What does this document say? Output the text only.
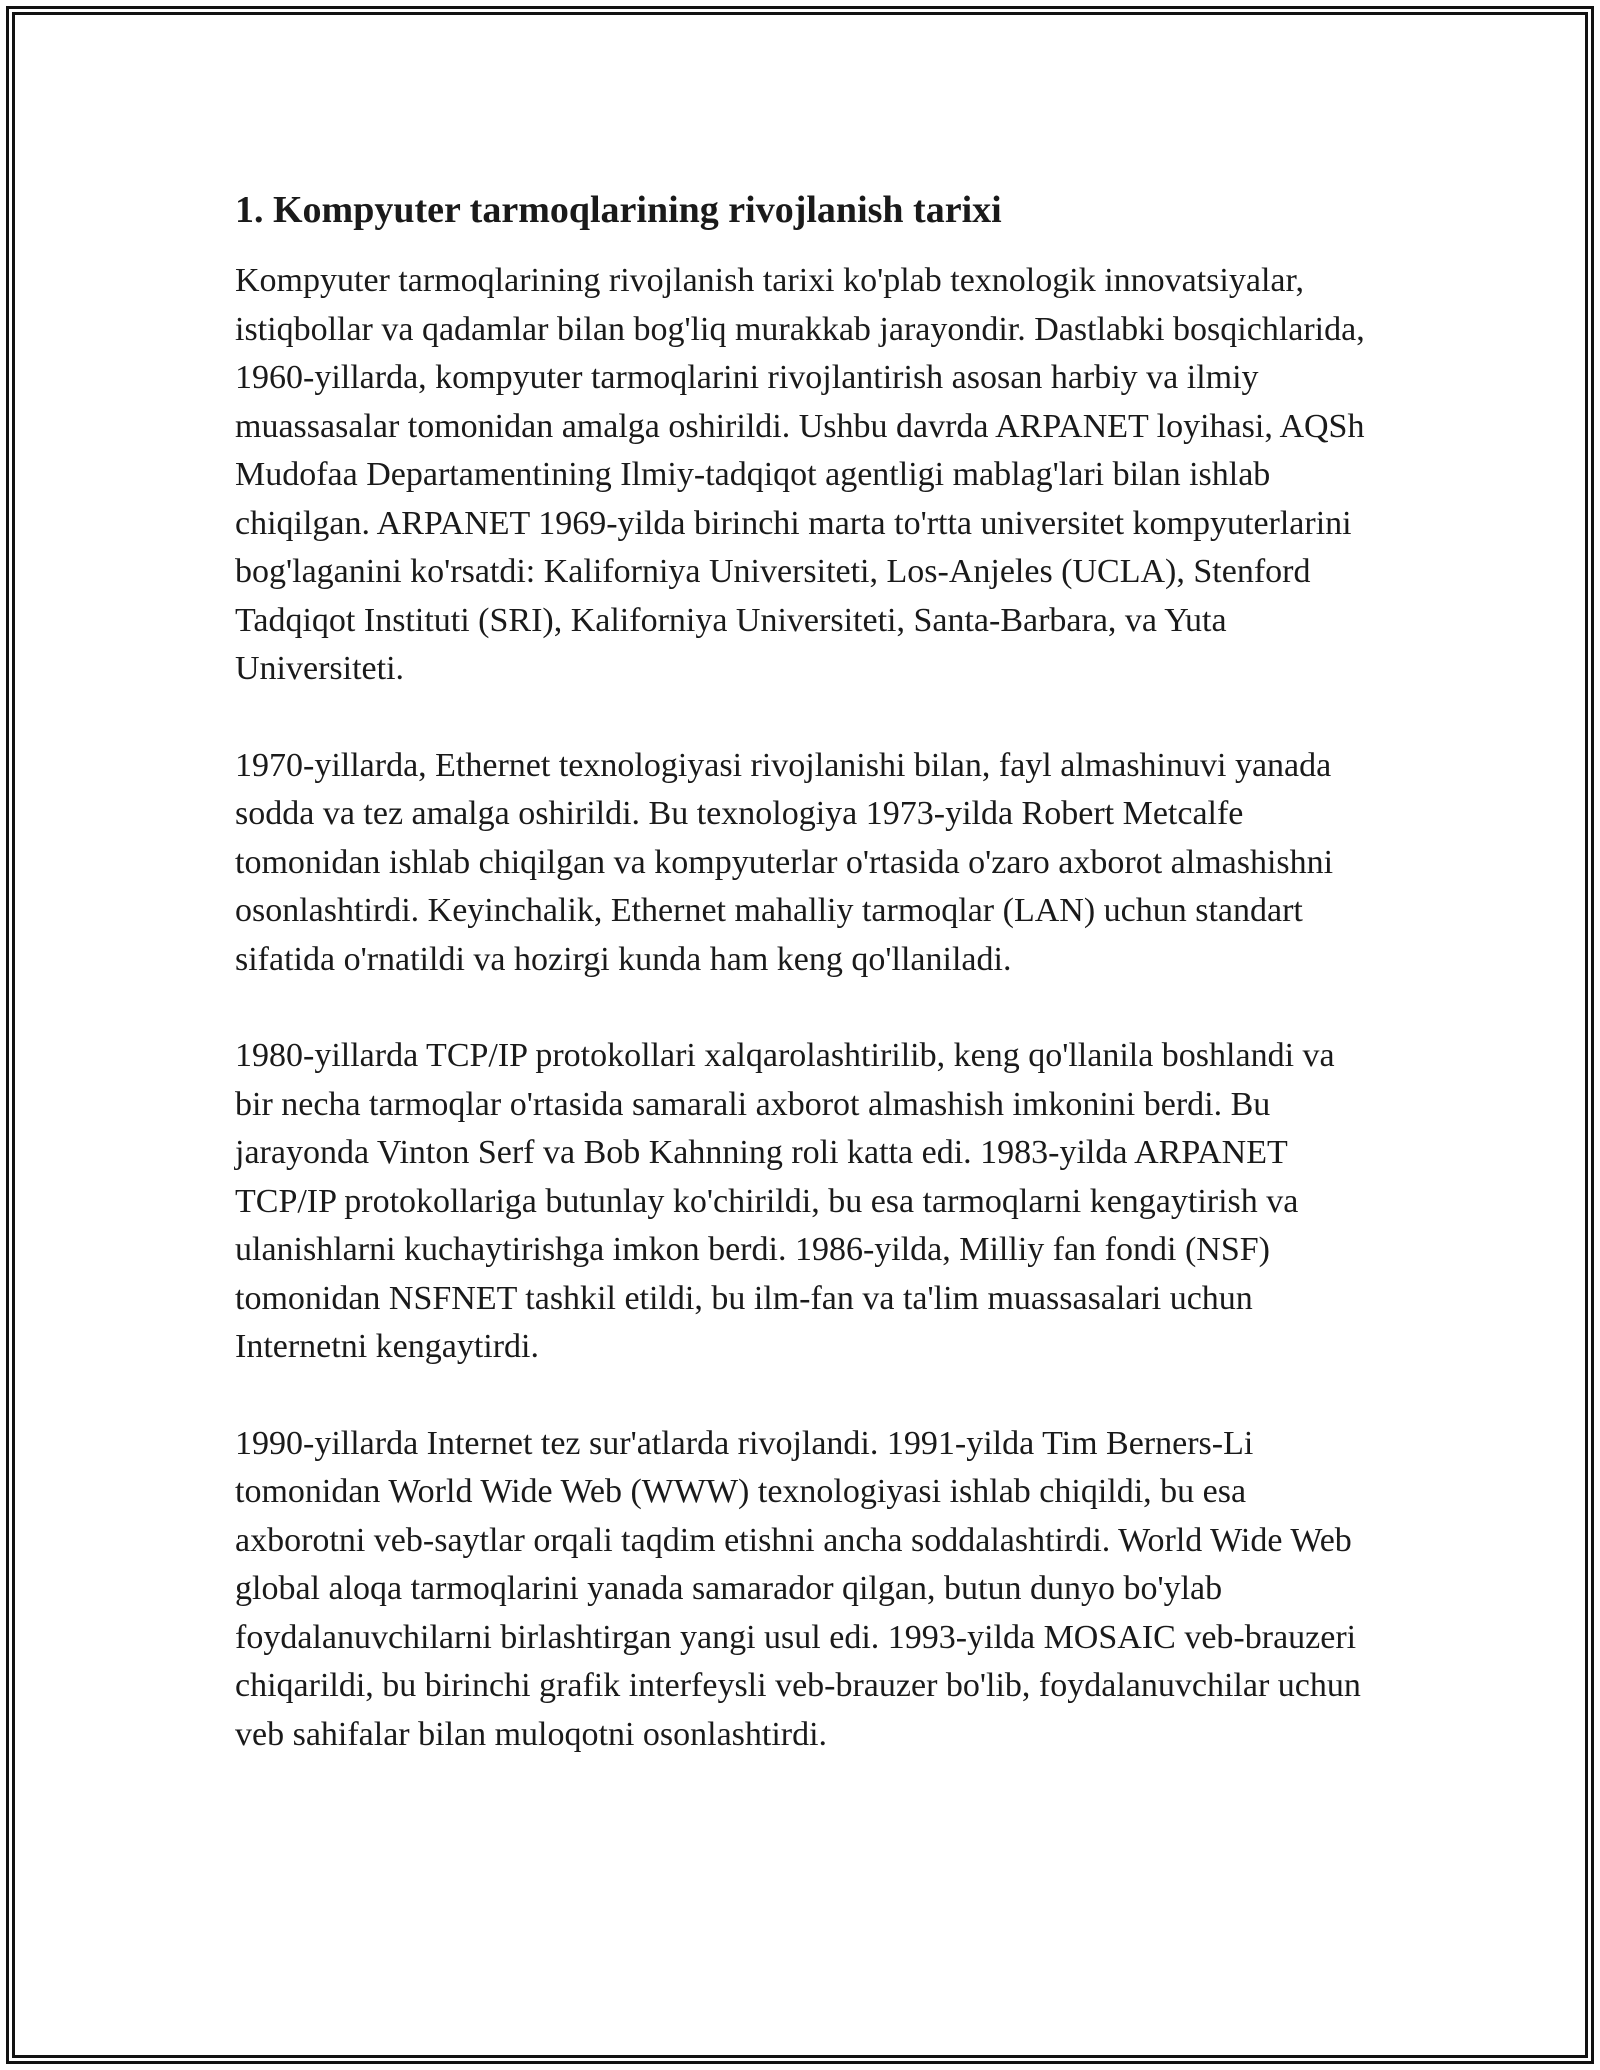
1. Kompyuter tarmoqlarining rivojlanish tarixi

Kompyuter tarmoqlarining rivojlanish tarixi ko'plab texnologik innovatsiyalar, istiqbollar va qadamlar bilan bog'liq murakkab jarayondir. Dastlabki bosqichlarida, 1960-yillarda, kompyuter tarmoqlarini rivojlantirish asosan harbiy va ilmiy muassasalar tomonidan amalga oshirildi. Ushbu davrda ARPANET loyihasi, AQSh Mudofaa Departamentining Ilmiy-tadqiqot agentligi mablag'lari bilan ishlab chiqilgan. ARPANET 1969-yilda birinchi marta to'rtta universitet kompyuterlarini bog'laganini ko'rsatdi: Kaliforniya Universiteti, Los-Anjeles (UCLA), Stenford Tadqiqot Instituti (SRI), Kaliforniya Universiteti, Santa-Barbara, va Yuta Universiteti.

1970-yillarda, Ethernet texnologiyasi rivojlanishi bilan, fayl almashinuvi yanada sodda va tez amalga oshirildi. Bu texnologiya 1973-yilda Robert Metcalfe tomonidan ishlab chiqilgan va kompyuterlar o'rtasida o'zaro axborot almashishni osonlashtirdi. Keyinchalik, Ethernet mahalliy tarmoqlar (LAN) uchun standart sifatida o'rnatildi va hozirgi kunda ham keng qo'llaniladi.

1980-yillarda TCP/IP protokollari xalqarolashtirilib, keng qo'llanila boshlandi va bir necha tarmoqlar o'rtasida samarali axborot almashish imkonini berdi. Bu jarayonda Vinton Serf va Bob Kahnning roli katta edi. 1983-yilda ARPANET TCP/IP protokollariga butunlay ko'chirildi, bu esa tarmoqlarni kengaytirish va ulanishlarni kuchaytirishga imkon berdi. 1986-yilda, Milliy fan fondi (NSF) tomonidan NSFNET tashkil etildi, bu ilm-fan va ta'lim muassasalari uchun Internetni kengaytirdi.

1990-yillarda Internet tez sur'atlarda rivojlandi. 1991-yilda Tim Berners-Li tomonidan World Wide Web (WWW) texnologiyasi ishlab chiqildi, bu esa axborotni veb-saytlar orqali taqdim etishni ancha soddalashtirdi. World Wide Web global aloqa tarmoqlarini yanada samarador qilgan, butun dunyo bo'ylab foydalanuvchilarni birlashtirgan yangi usul edi. 1993-yilda MOSAIC veb-brauzeri chiqarildi, bu birinchi grafik interfeysli veb-brauzer bo'lib, foydalanuvchilar uchun veb sahifalar bilan muloqotni osonlashtirdi.
